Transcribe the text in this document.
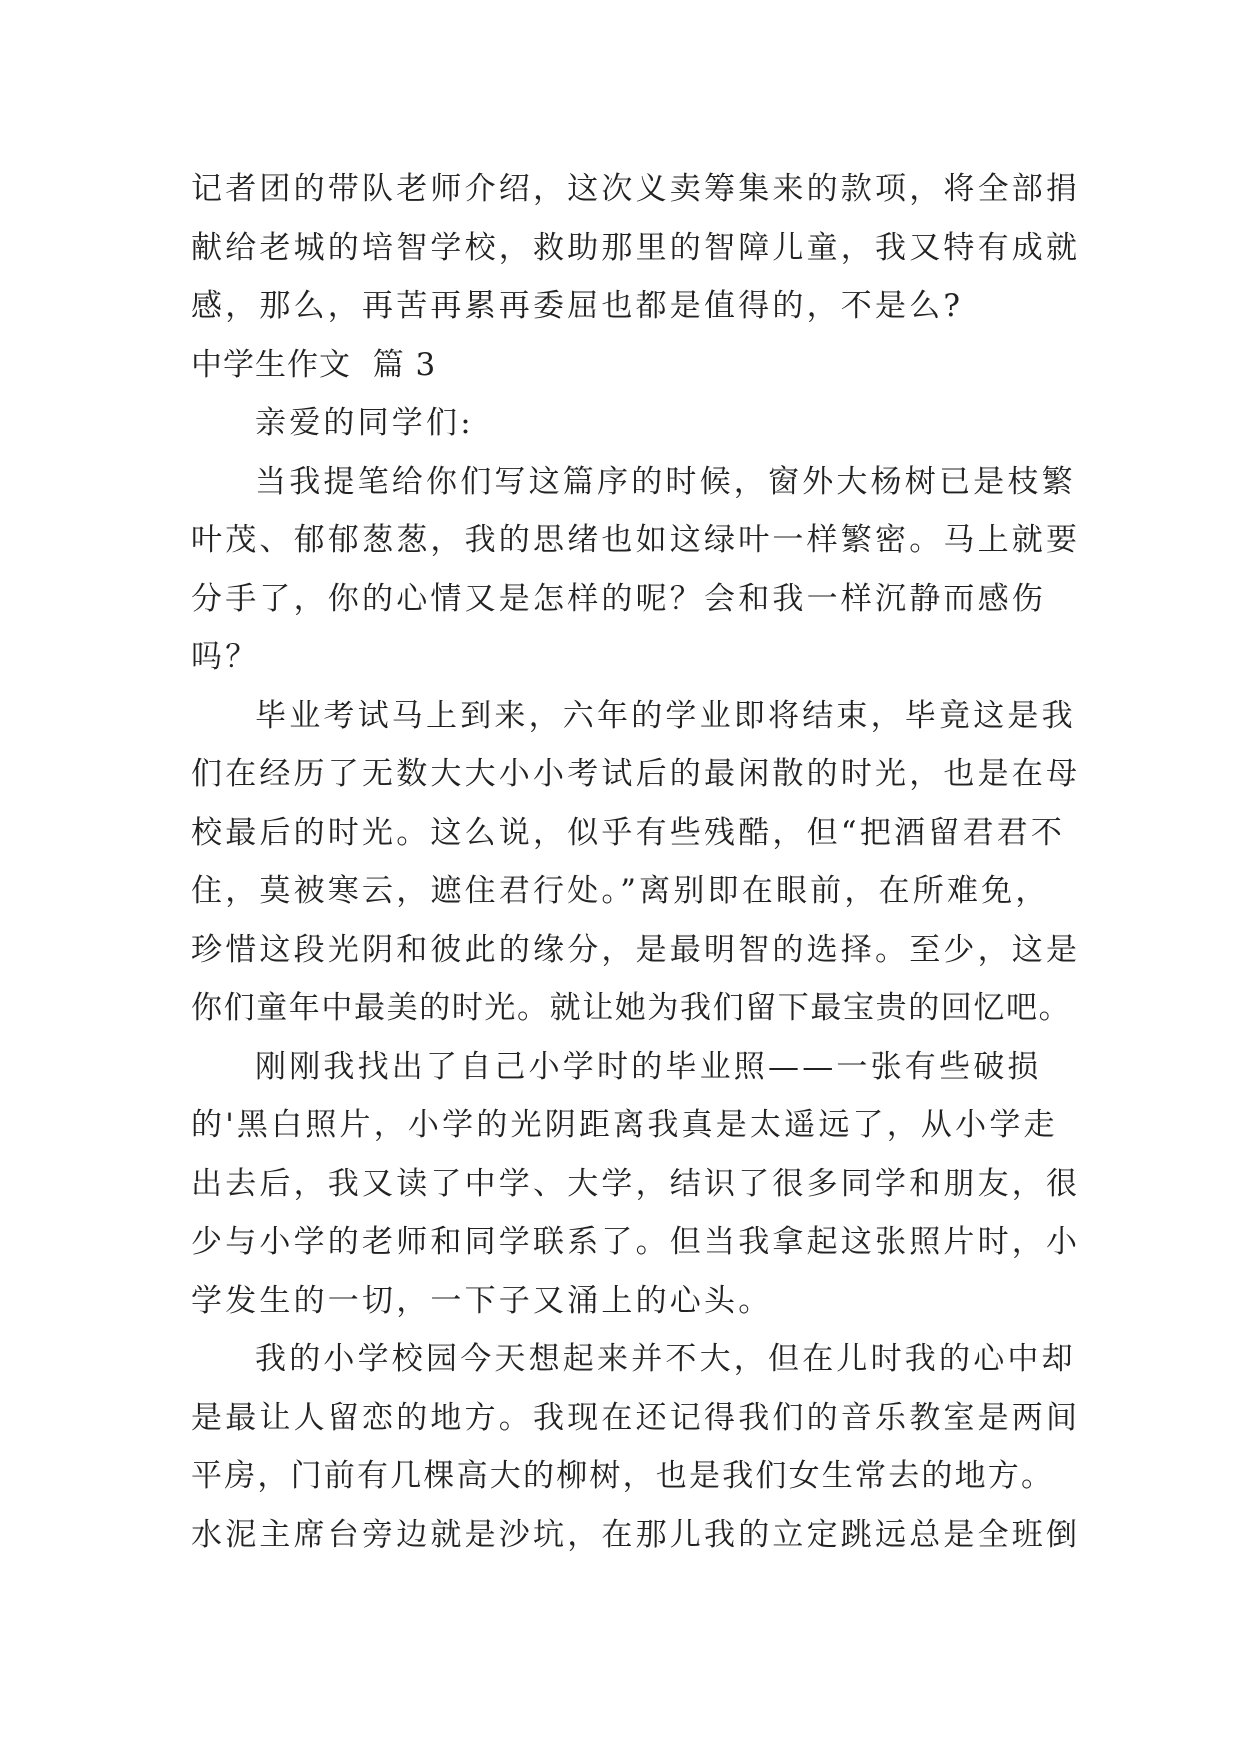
记者团的带队老师介绍，这次义卖筹集来的款项，将全部捐
献给老城的培智学校，救助那里的智障儿童，我又特有成就
感，那么，再苦再累再委屈也都是值得的，不是么?
中学生作文  篇 3
亲爱的同学们:
当我提笔给你们写这篇序的时候，窗外大杨树已是枝繁
叶茂、郁郁葱葱，我的思绪也如这绿叶一样繁密。马上就要
分手了，你的心情又是怎样的呢？会和我一样沉静而感伤
吗？
毕业考试马上到来，六年的学业即将结束，毕竟这是我
们在经历了无数大大小小考试后的最闲散的时光，也是在母
校最后的时光。这么说，似乎有些残酷，但“把酒留君君不
住，莫被寒云，遮住君行处。”离别即在眼前，在所难免，
珍惜这段光阴和彼此的缘分，是最明智的选择。至少，这是
你们童年中最美的时光。就让她为我们留下最宝贵的回忆吧。
刚刚我找出了自己小学时的毕业照——一张有些破损
的'黑白照片，小学的光阴距离我真是太遥远了，从小学走
出去后，我又读了中学、大学，结识了很多同学和朋友，很
少与小学的老师和同学联系了。但当我拿起这张照片时，小
学发生的一切，一下子又涌上的心头。
我的小学校园今天想起来并不大，但在儿时我的心中却
是最让人留恋的地方。我现在还记得我们的音乐教室是两间
平房，门前有几棵高大的柳树，也是我们女生常去的地方。
水泥主席台旁边就是沙坑，在那儿我的立定跳远总是全班倒
